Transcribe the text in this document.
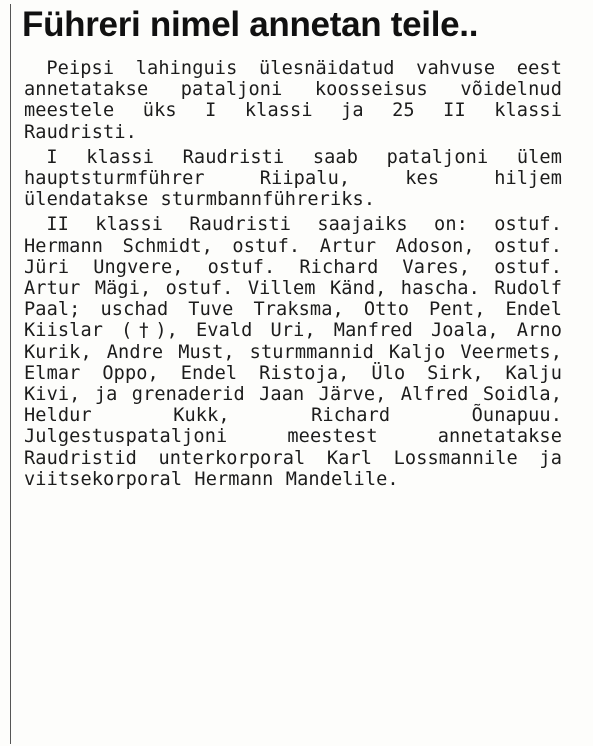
Führeri nimel annetan teile..

Peipsi lahinguis ülesnäidatud vahvuse eest annetatakse pataljoni koosseisus võidelnud meestele üks I klassi ja 25 II klassi Raudristi.

I klassi Raudristi saab pataljoni ülem hauptsturmführer Riipalu, kes hiljem ülendatakse sturmbannführeriks.

II klassi Raudristi saajaiks on: ostuf. Hermann Schmidt, ostuf. Artur Adoson, ostuf. Jüri Ungvere, ostuf. Richard Vares, ostuf. Artur Mägi, ostuf. Villem Känd, hascha. Rudolf Paal; uschad Tuve Traksma, Otto Pent, Endel Kiislar (†), Evald Uri, Manfred Joala, Arno Kurik, Andre Must, sturmmannid Kaljo Veermets, Elmar Oppo, Endel Ristoja, Ülo Sirk, Kalju Kivi, ja grenaderid Jaan Järve, Alfred Soidla, Heldur Kukk, Richard Õunapuu. Julgestuspataljoni meestest annetatakse Raudristid unterkorporal Karl Lossmannile ja viitsekorporal Hermann Mandelile.
